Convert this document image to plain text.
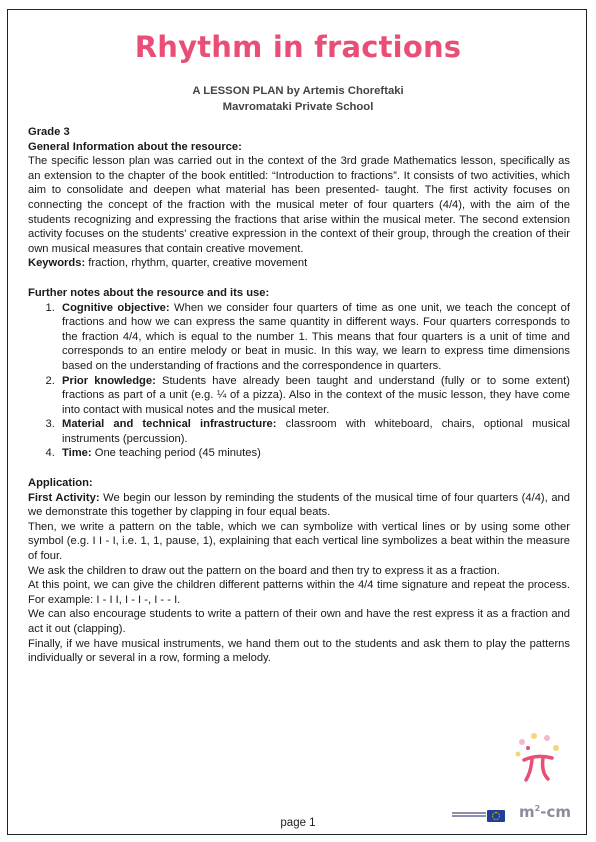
Rhythm in fractions
A LESSON PLAN by Artemis Choreftaki
Mavromataki Private School

Grade 3

General Information about the resource:

The specific lesson plan was carried out in the context of the 3rd grade Mathematics lesson, specifically as an extension to the chapter of the book entitled: “Introduction to fractions”. It consists of two activities, which aim to consolidate and deepen what material has been presented- taught. The first activity focuses on connecting the concept of the fraction with the musical meter of four quarters (4/4), with the aim of the students recognizing and expressing the fractions that arise within the musical meter. The second extension activity focuses on the students' creative expression in the context of their group, through the creation of their own musical measures that contain creative movement.

Keywords: fraction, rhythm, quarter, creative movement

Further notes about the resource and its use:

1. Cognitive objective: When we consider four quarters of time as one unit, we teach the concept of fractions and how we can express the same quantity in different ways. Four quarters corresponds to the fraction 4/4, which is equal to the number 1. This means that four quarters is a unit of time and corresponds to an entire melody or beat in music. In this way, we learn to express time dimensions based on the understanding of fractions and the correspondence in quarters.
2. Prior knowledge: Students have already been taught and understand (fully or to some extent) fractions as part of a unit (e.g. ¼ of a pizza). Also in the context of the music lesson, they have come into contact with musical notes and the musical meter.
3. Material and technical infrastructure: classroom with whiteboard, chairs, optional musical instruments (percussion).
4. Time: One teaching period (45 minutes)

Application:

First Activity: We begin our lesson by reminding the students of the musical time of four quarters (4/4), and we demonstrate this together by clapping in four equal beats.

Then, we write a pattern on the table, which we can symbolize with vertical lines or by using some other symbol (e.g. I I - I, i.e. 1, 1, pause, 1), explaining that each vertical line symbolizes a beat within the measure of four.

We ask the children to draw out the pattern on the board and then try to express it as a fraction.

At this point, we can give the children different patterns within the 4/4 time signature and repeat the process. For example: I - I I, I - I -, I - - I.

We can also encourage students to write a pattern of their own and have the rest express it as a fraction and act it out (clapping).

Finally, if we have musical instruments, we hand them out to the students and ask them to play the patterns individually or several in a row, forming a melody.

$m^2-cm$
page 1
